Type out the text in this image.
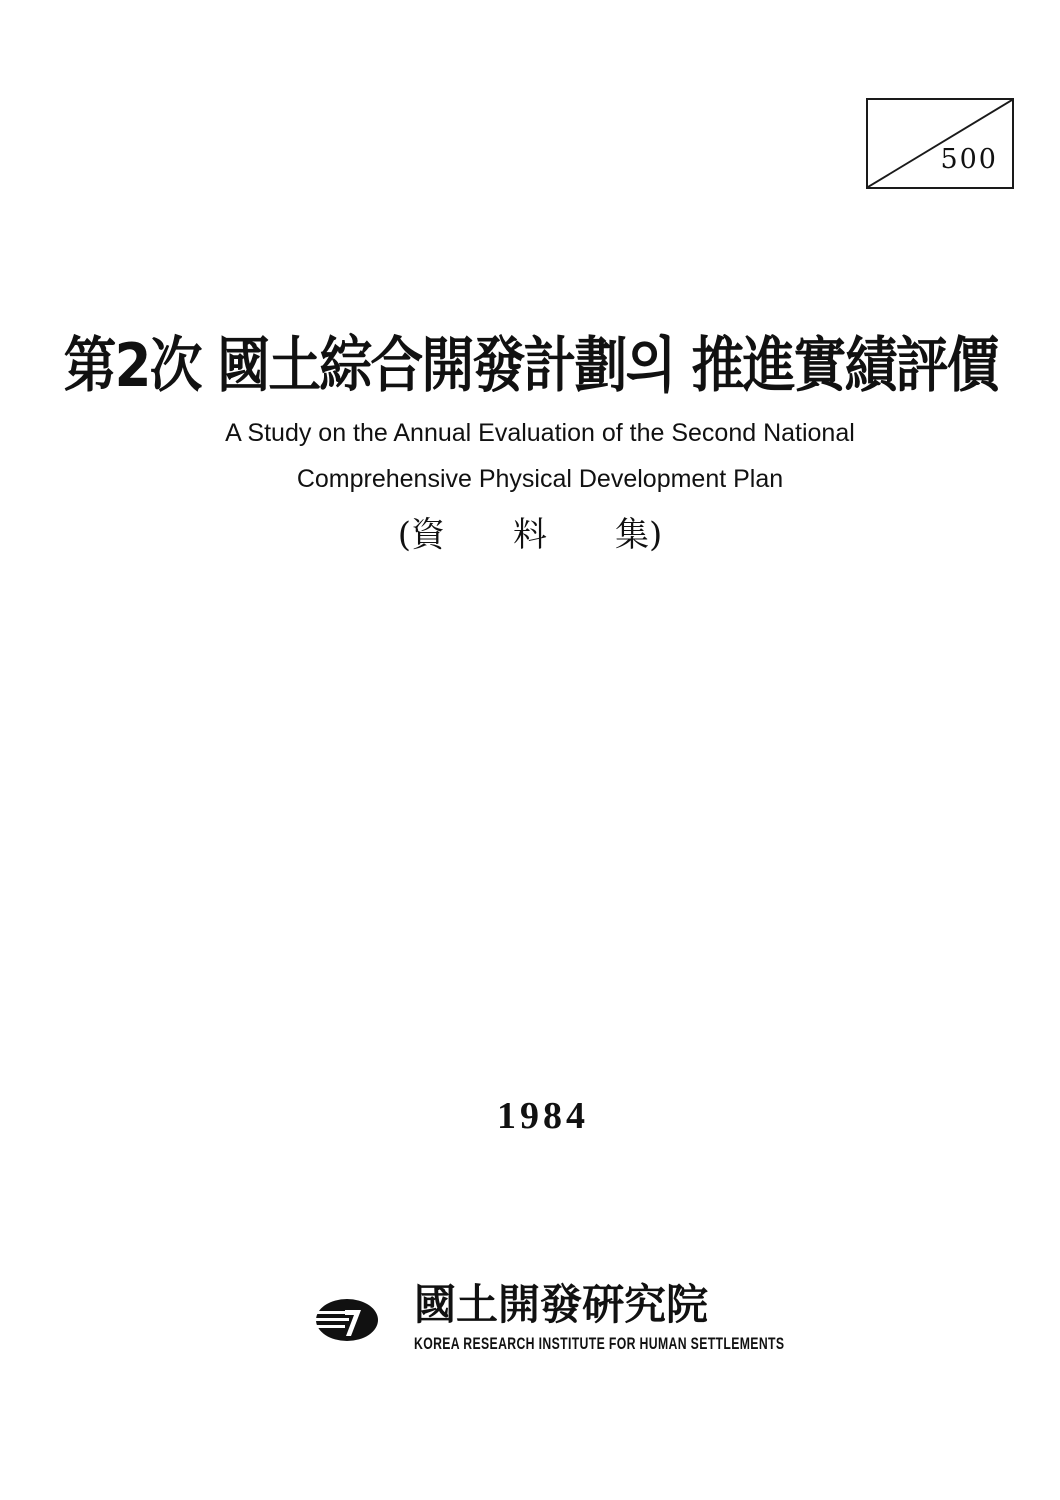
500
第2次 國土綜合開發計劃의 推進實績評價
A Study on the Annual Evaluation of the Second National
Comprehensive Physical Development Plan
(資　　料　　集)
1984
國土開發硏究院
KOREA RESEARCH INSTITUTE FOR HUMAN SETTLEMENTS
